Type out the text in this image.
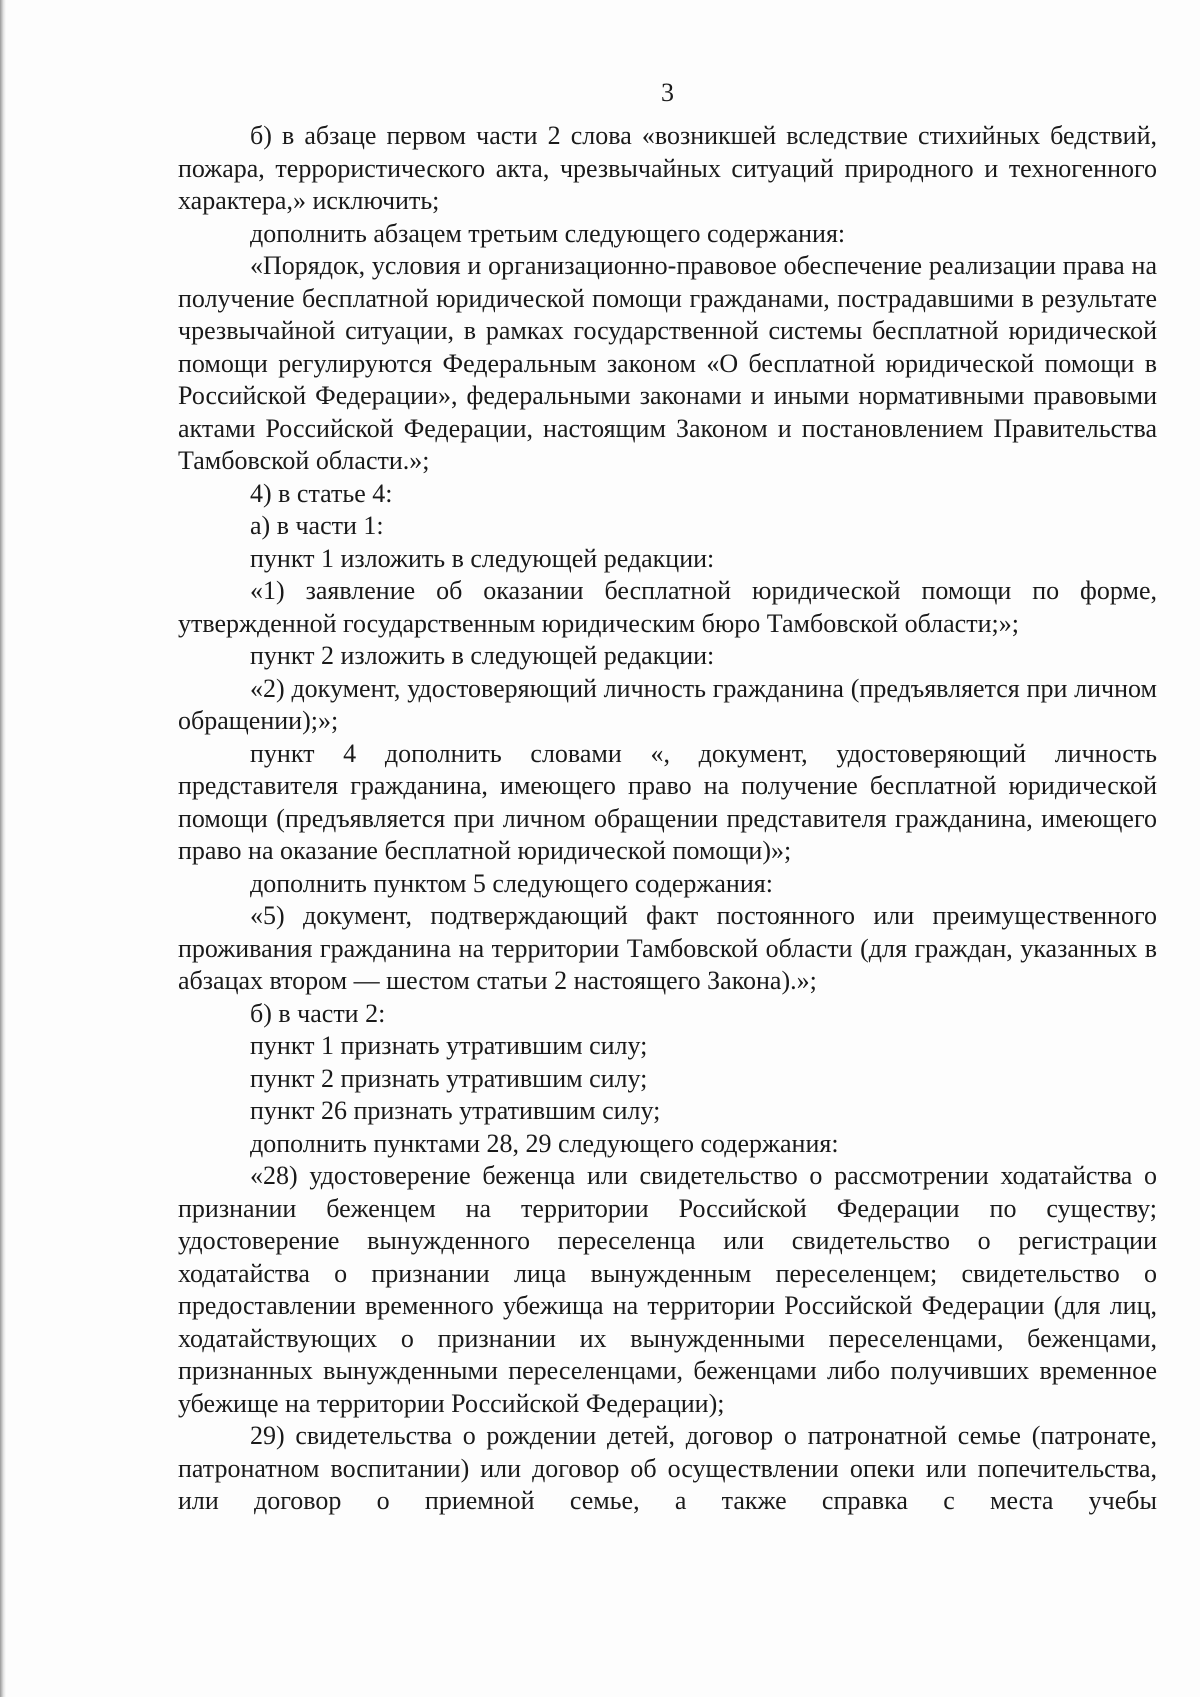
3

б) в абзаце первом части 2 слова «возникшей вследствие стихийных бедствий, пожара, террористического акта, чрезвычайных ситуаций природного и техногенного характера,» исключить;

дополнить абзацем третьим следующего содержания:

«Порядок, условия и организационно-правовое обеспечение реализации права на получение бесплатной юридической помощи гражданами, пострадавшими в результате чрезвычайной ситуации, в рамках государственной системы бесплатной юридической помощи регулируются Федеральным законом «О бесплатной юридической помощи в Российской Федерации», федеральными законами и иными нормативными правовыми актами Российской Федерации, настоящим Законом и постановлением Правительства Тамбовской области.»;

4) в статье 4:

а) в части 1:

пункт 1 изложить в следующей редакции:

«1) заявление об оказании бесплатной юридической помощи по форме, утвержденной государственным юридическим бюро Тамбовской области;»;

пункт 2 изложить в следующей редакции:

«2) документ, удостоверяющий личность гражданина (предъявляется при личном обращении);»;

пункт 4 дополнить словами «, документ, удостоверяющий личность представителя гражданина, имеющего право на получение бесплатной юридической помощи (предъявляется при личном обращении представителя гражданина, имеющего право на оказание бесплатной юридической помощи)»;

дополнить пунктом 5 следующего содержания:

«5) документ, подтверждающий факт постоянного или преимущественного проживания гражданина на территории Тамбовской области (для граждан, указанных в абзацах втором — шестом статьи 2 настоящего Закона).»;

б) в части 2:

пункт 1 признать утратившим силу;

пункт 2 признать утратившим силу;

пункт 26 признать утратившим силу;

дополнить пунктами 28, 29 следующего содержания:

«28) удостоверение беженца или свидетельство о рассмотрении ходатайства о признании беженцем на территории Российской Федерации по существу; удостоверение вынужденного переселенца или свидетельство о регистрации ходатайства о признании лица вынужденным переселенцем; свидетельство о предоставлении временного убежища на территории Российской Федерации (для лиц, ходатайствующих о признании их вынужденными переселенцами, беженцами, признанных вынужденными переселенцами, беженцами либо получивших временное убежище на территории Российской Федерации);

29) свидетельства о рождении детей, договор о патронатной семье (патронате, патронатном воспитании) или договор об осуществлении опеки или попечительства, или договор о приемной семье, а также справка с места учебы
